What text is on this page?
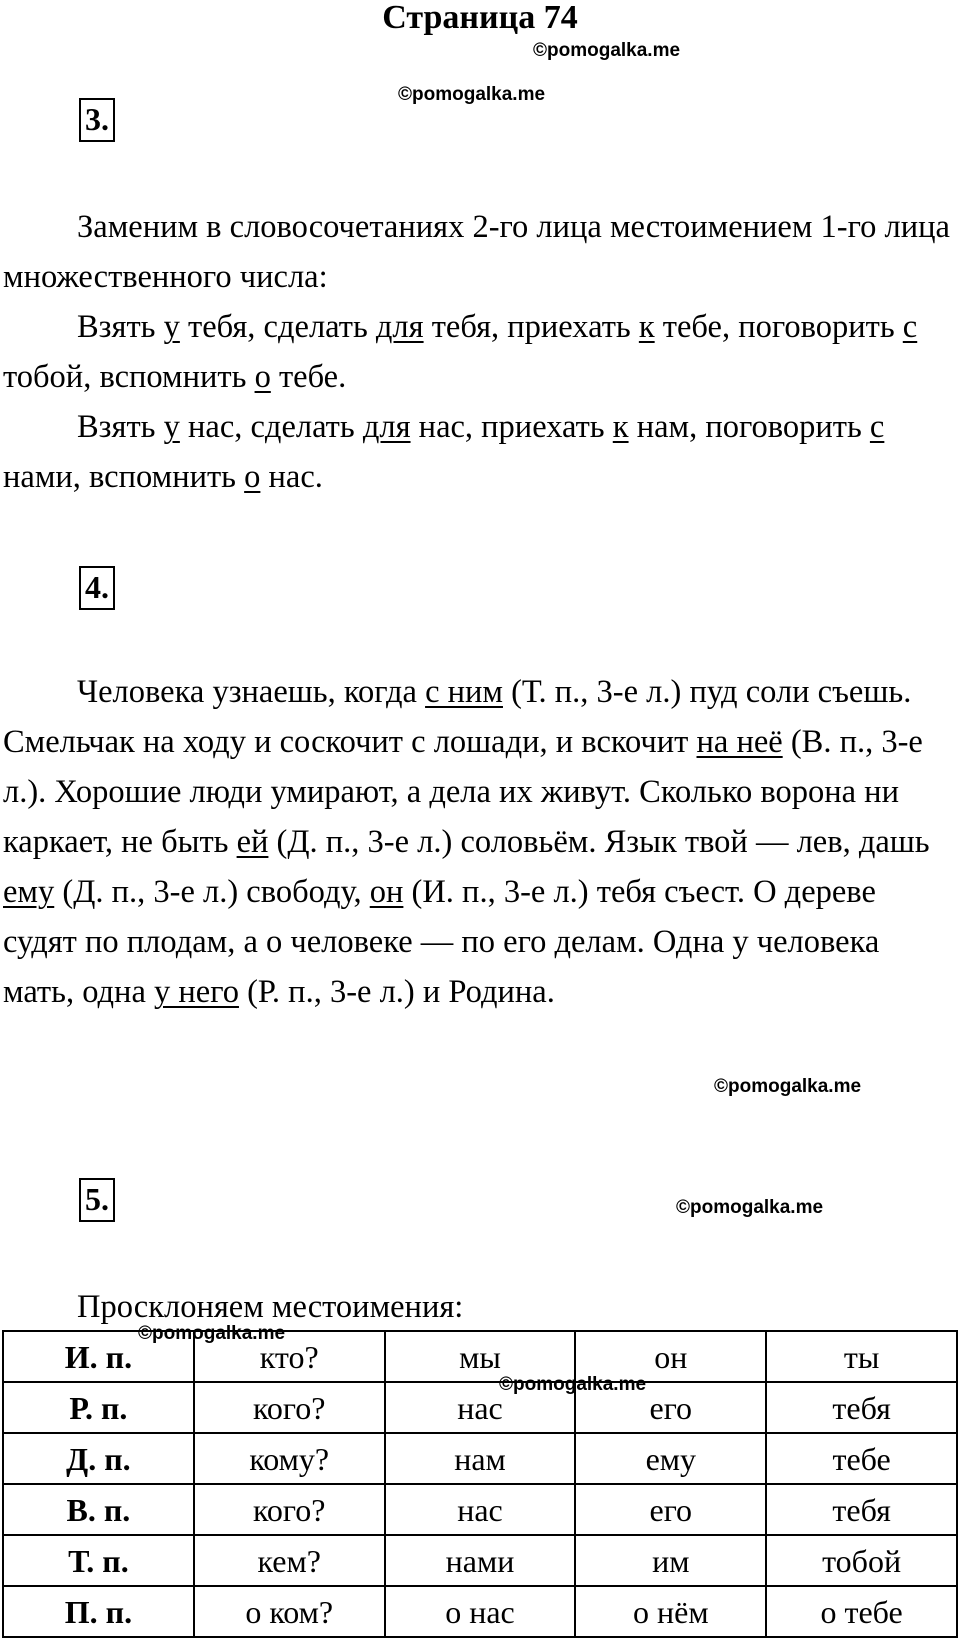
Страница 74
©pomogalka.me
©pomogalka.me
3.

Заменим в словосочетаниях 2-го лица местоимением 1-го лица множественного числа:

Взять у тебя, сделать для тебя, приехать к тебе, поговорить с тобой, вспомнить о тебе.

Взять у нас, сделать для нас, приехать к нам, поговорить с нами, вспомнить о нас.

4.

Человека узнаешь, когда с ним (Т. п., 3-е л.) пуд соли съешь. Смельчак на ходу и соскочит с лошади, и вскочит на неё (В. п., 3-е л.). Хорошие люди умирают, а дела их живут. Сколько ворона ни каркает, не быть ей (Д. п., 3-е л.) соловьём. Язык твой — лев, дашь ему (Д. п., 3-е л.) свободу, он (И. п., 3-е л.) тебя съест. О дереве судят по плодам, а о человеке — по его делам. Одна у человека мать, одна у него (Р. п., 3-е л.) и Родина.

©pomogalka.me
5.	©pomogalka.me
Просклоняем местоимения:
И. п.	кто?	мы	он	ты
Р. п.	кого?	нас	его	тебя
Д. п.	кому?	нам	ему	тебе
В. п.	кого?	нас	его	тебя
Т. п.	кем?	нами	им	тобой
П. п.	о ком?	о нас	о нём	о тебе
©pomogalka.me
©pomogalka.me
